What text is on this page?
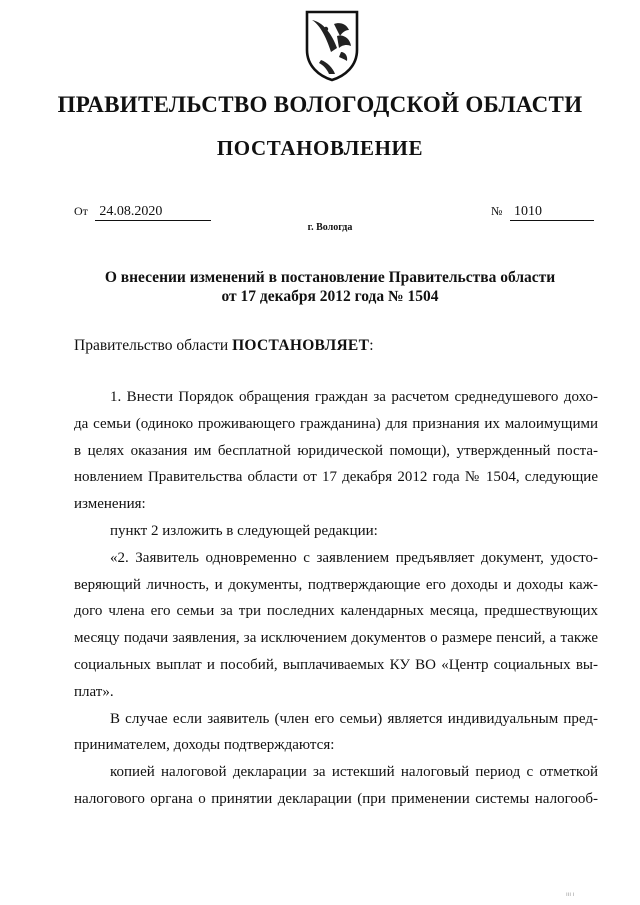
ПРАВИТЕЛЬСТВО ВОЛОГОДСКОЙ ОБЛАСТИ
ПОСТАНОВЛЕНИЕ
От 24.08.2020	№ 1010
г. Вологда
О внесении изменений в постановление Правительства области
от 17 декабря 2012 года № 1504
Правительство области ПОСТАНОВЛЯЕТ:
1. Внести Порядок обращения граждан за расчетом среднедушевого дохо-
да семьи (одиноко проживающего гражданина) для признания их малоимущими
в целях оказания им бесплатной юридической помощи), утвержденный поста-
новлением Правительства области от 17 декабря 2012 года № 1504, следующие
изменения:
пункт 2 изложить в следующей редакции:
«2. Заявитель одновременно с заявлением предъявляет документ, удосто-
веряющий личность, и документы, подтверждающие его доходы и доходы каж-
дого члена его семьи за три последних календарных месяца, предшествующих
месяцу подачи заявления, за исключением документов о размере пенсий, а также
социальных выплат и пособий, выплачиваемых КУ ВО «Центр социальных вы-
плат».
В случае если заявитель (член его семьи) является индивидуальным пред-
принимателем, доходы подтверждаются:
копией налоговой декларации за истекший налоговый период с отметкой
налогового органа о принятии декларации (при применении системы налогооб-
ııı ı
